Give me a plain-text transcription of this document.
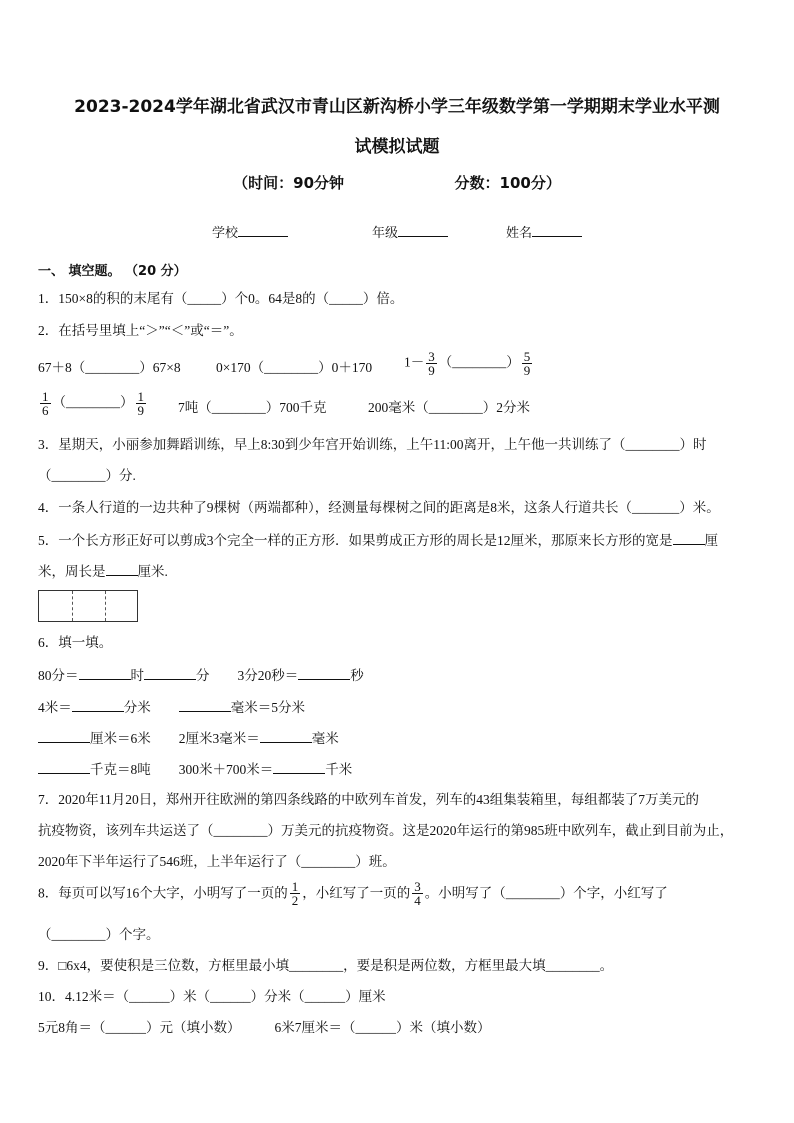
2023-2024学年湖北省武汉市青山区新沟桥小学三年级数学第一学期期末学业水平测
试模拟试题
（时间：90分钟	分数：100分）
学校	年级	姓名
一、 填空题。 （20 分）
1．150×8的积的末尾有（_____）个0。64是8的（_____）倍。
2．在括号里填上“＞”“＜”或“＝”。
67＋8（________）67×8	0×170（________）0＋170 $1- \frac{3}{9}$ （________） $\frac{5}{9}$
$\frac{1}{6}$ （________） $\frac{1}{9} 7$吨（________）700千克	200毫米（________）2分米
3．星期天，小丽参加舞蹈训练，早上8:30到少年宫开始训练，上午11:00离开，上午他一共训练了（________）时
（________）分.
4．一条人行道的一边共种了9棵树（两端都种），经测量每棵树之间的距离是8米，这条人行道共长（_______）米。
5．一个长方形正好可以剪成3个完全一样的正方形．如果剪成正方形的周长是12厘米，那原来长方形的宽是 厘
米，周长是 厘米.
6．填一填。
80分＝	时	分 3分20秒＝	秒
4米＝	分米	毫米＝5分米
厘米＝6米 2厘米3毫米＝	毫米
千克＝8吨 300米＋700米＝	千米
7．2020年11月20日，郑州开往欧洲的第四条线路的中欧列车首发，列车的43组集装箱里，每组都装了7万美元的
抗疫物资，该列车共运送了（________）万美元的抗疫物资。这是2020年运行的第985班中欧列车，截止到目前为止，
2020年下半年运行了546班，上半年运行了（________）班。
8．每页可以写16个大字，小明写了一页的 $\frac{1}{2}$ ，小红写了一页的 $\frac{3}{4}$ 。小明写了（________）个字，小红写了
（________）个字。
9．□6x4，要使积是三位数，方框里最小填________，要是积是两位数，方框里最大填________。
10．4.12米＝（______）米（______）分米（______）厘米
5元8角＝（______）元（填小数）	6米7厘米＝（______）米（填小数）
